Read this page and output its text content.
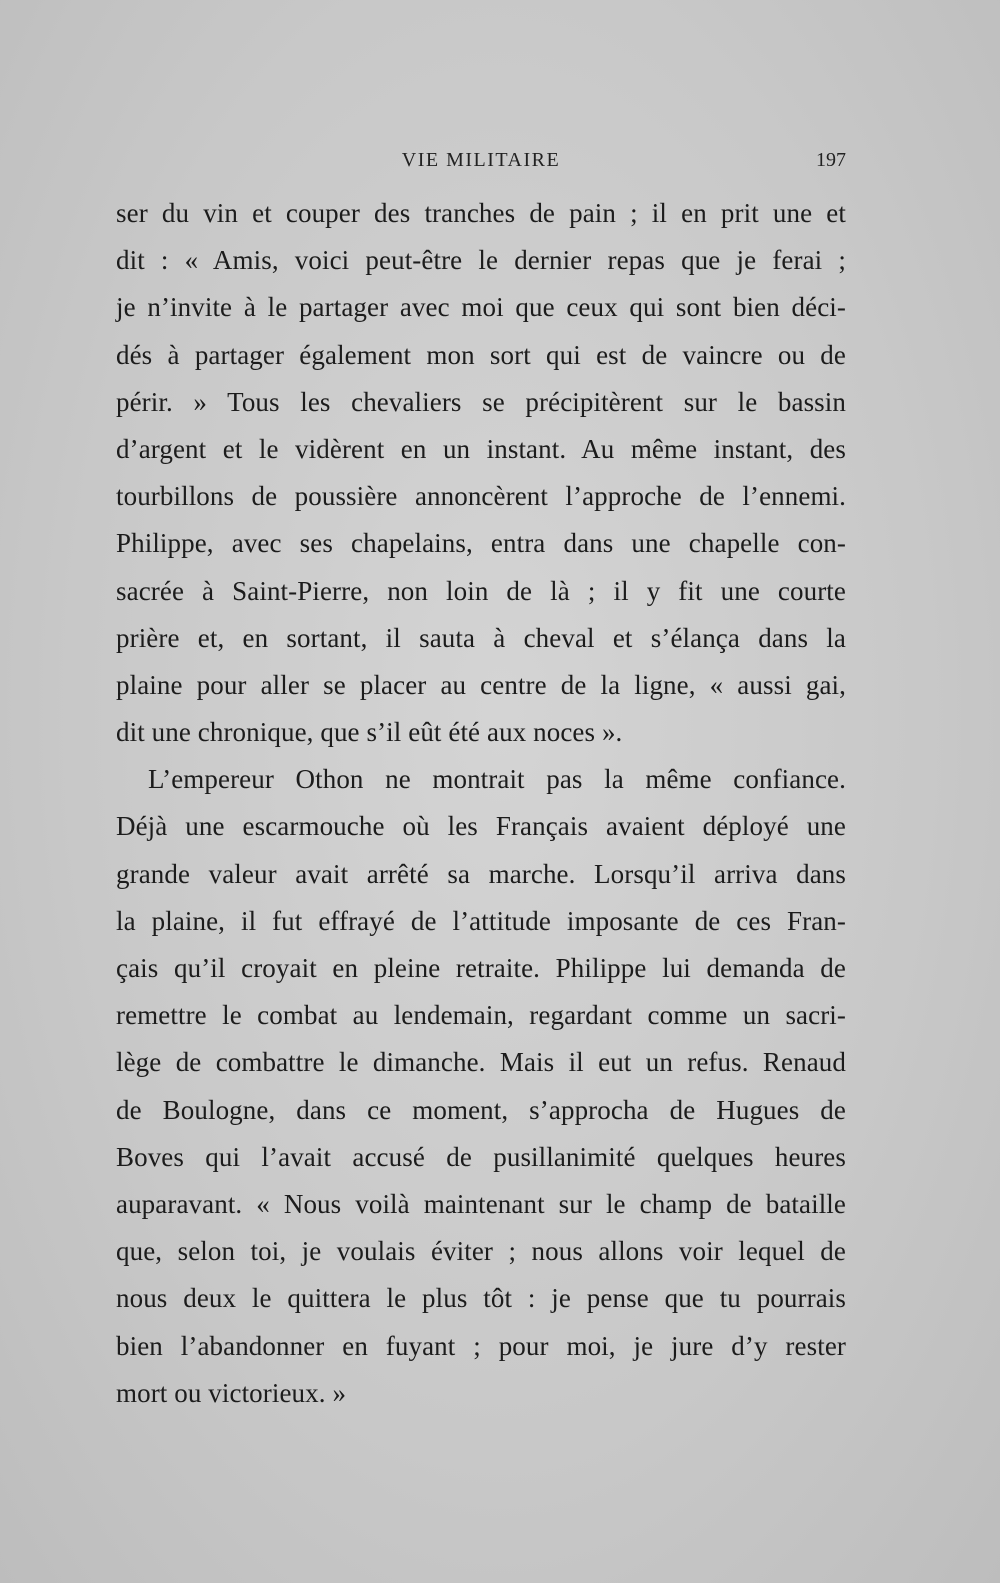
VIE MILITAIRE	197
ser du vin et couper des tranches de pain ; il en prit une et
dit : « Amis, voici peut-être le dernier repas que je ferai ;
je n’invite à le partager avec moi que ceux qui sont bien déci-
dés à partager également mon sort qui est de vaincre ou de
périr. » Tous les chevaliers se précipitèrent sur le bassin
d’argent et le vidèrent en un instant. Au même instant, des
tourbillons de poussière annoncèrent l’approche de l’ennemi.
Philippe, avec ses chapelains, entra dans une chapelle con-
sacrée à Saint-Pierre, non loin de là ; il y fit une courte
prière et, en sortant, il sauta à cheval et s’élança dans la
plaine pour aller se placer au centre de la ligne, « aussi gai,
dit une chronique, que s’il eût été aux noces ».
L’empereur Othon ne montrait pas la même confiance.
Déjà une escarmouche où les Français avaient déployé une
grande valeur avait arrêté sa marche. Lorsqu’il arriva dans
la plaine, il fut effrayé de l’attitude imposante de ces Fran-
çais qu’il croyait en pleine retraite. Philippe lui demanda de
remettre le combat au lendemain, regardant comme un sacri-
lège de combattre le dimanche. Mais il eut un refus. Renaud
de Boulogne, dans ce moment, s’approcha de Hugues de
Boves qui l’avait accusé de pusillanimité quelques heures
auparavant. « Nous voilà maintenant sur le champ de bataille
que, selon toi, je voulais éviter ; nous allons voir lequel de
nous deux le quittera le plus tôt : je pense que tu pourrais
bien l’abandonner en fuyant ; pour moi, je jure d’y rester
mort ou victorieux. »
